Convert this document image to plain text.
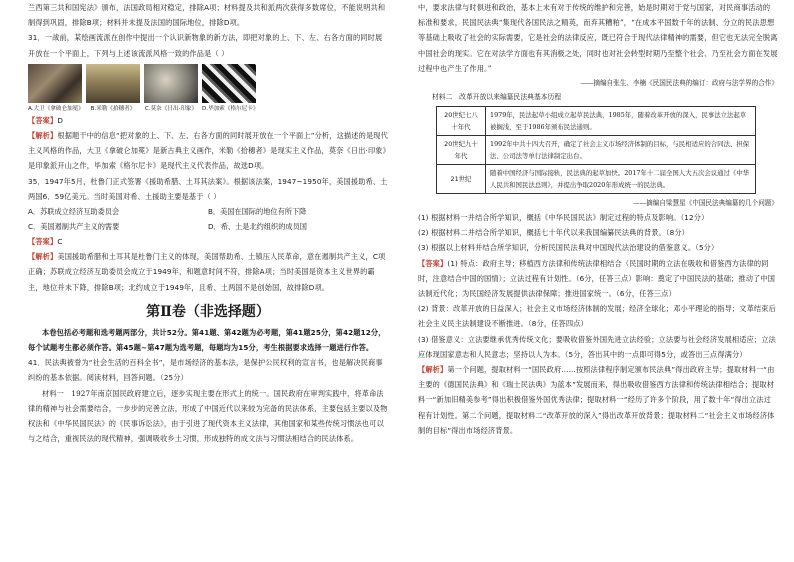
兰西第三共和国宪法》颁布，法国政局相对稳定，排除A项；材料提及共和派两次获得多数席位，不能说明共和制得到巩固，排除B项；材料并未提及法国的国际地位，排除D项。

31．一战前，某绘画流派在创作中提出一个认识新物象的新方法，即把对象的上、下、左、右各方面的同时展开放在一个平面上，下列与上述该流派风格一致的作品是（ ）

A.大卫《拿破仑加冕》	B.米勒《拾穗者》	C.莫奈《日出·印象》 D.毕加索《格尔尼卡》

【答案】D

【解析】根据题干中的信息“把对象的上、下、左、右各方面的同时展开放在一个平面上”分析，这描述的是现代主义风格的作品，大卫《拿破仑加冕》是新古典主义画作，米勒《拾穗者》是现实主义作品，莫奈《日出·印象》是印象派开山之作，毕加索《格尔尼卡》是现代主义代表作品，故选D项。

35．1947年5月，杜鲁门正式签署《援助希腊、土耳其法案》。根据该法案，1947~1950年，美国援助希、土两国6．59亿美元。当时美国对希、土援助主要是基于（ ）

A．苏联成立经济互助委员会	B．美国在国际的地位有所下降
C．美国遏制共产主义的需要	D．希、土是北约组织的成员国

【答案】C

【解析】美国援助希腊和土耳其是杜鲁门主义的体现，美国帮助希、土镇压人民革命，意在遏制共产主义，C项正确；苏联成立经济互助委员会成立于1949年，和题意时间不符，排除A项；当时美国是资本主义世界的霸主，地位并未下降，排除B项；北约成立于1949年，且希、土两国不是创始国，故排除D项。

第Ⅱ卷（非选择题）

本卷包括必考题和选考题两部分，共计52分。第41题、第42题为必考题，第41题25分，第42题12分，每个试题考生都必须作答。第45题~第47题为选考题，每题均为15分，考生根据要求选择一题进行作答。

41．民法典被誉为“社会生活的百科全书”，是市场经济的基本法，是保护公民权利的宣言书，也是解决民商事纠纷的基本依据。阅读材料，回答问题。（25分）

材料一　1927年南京国民政府建立后，逐步实现主要在形式上的统一。国民政府在审判实践中，将革命法律的精神与社会需要结合，一步步的完善立法，形成了中国近代以来较为完备的民法体系，主要包括主要以及物权法和《中华民国民法》的《民事诉讼法》，由于引进了现代资本主义法律，其他国家和某些传统习惯法也可以与之结合，重视民法的现代精神，强调吸收乡土习惯，形成独特的成文法与习惯法相结合的民法体系。

中，要求法律与时俱进和政治，基本上未有对于传统的维护和完善，始是时期对于党与国家，对民商事活动的

标准和要求，民国民法典“集现代各国民法之精英，而弃其糟粕”，“在成本平国数千年的法制、分立的民法思想等基础上吸收了社会的实际需要，它是社会的法律反应，既已符合于现代法律精神的需要，但它也无法完全脱离中国社会的现实。它在对法学方面也有其消极之处，同时也对社会转型时期乃至整个社会、乃至社会方面在发展过程中也产生了作用。”

——摘编自张生、李楠《民国民法典的编订：政府与法学界的合作》

材料二　改革开放以来编纂民法典基本历程

20世纪七八十年代	1979年，民法起草小组成立起草民法典，1985年，随着改革开放的深入，民事法立法起草被搁浅，至于1986年颁布民法通则。
20世纪九十年代	1992年中共十四大召开，确定了社会主义市场经济体制的目标，与民相适应的合同法、担保法、公司法等单行法律制定出台。
21世纪	随着中国经济与国际接轨，民法典的起草加快。2017年十二届全国人大五次会议通过《中华人民共和国民法总则》，并提出争取2020年形成统一的民法典。

——摘编自梁慧星《中国民法典编纂的几个问题》

(1) 根据材料一并结合所学知识，概括《中华民国民法》制定过程的特点及影响。（12分）

(2) 根据材料二并结合所学知识，概括七十年代以来我国编纂民法典的背景。（8分）

(3) 根据以上材料并结合所学知识，分析民国民法典对中国现代法治建设的借鉴意义。（5分）

【答案】(1) 特点：政府主导；移植西方法律和传统法律相结合（民国时期的立法在吸收和借鉴西方法律的同时，注意结合中国的国情）；立法过程有计划性。（6分，任答三点）影响：奠定了中国民法的基础；推动了中国法制近代化；为民国经济发展提供法律保障；推进国家统一。（6分，任答三点）

(2) 背景：改革开放的日益深入；社会主义市场经济体制的发展；经济全球化；邓小平理论的指导；文革结束后社会主义民主法制建设不断推进。（8分，任答四点）

(3) 借鉴意义：立法要继承优秀传统文化；要吸收借鉴外国先进立法经验；立法要与社会经济发展相适应；立法应体现国家意志和人民意志；坚持以人为本。（5分，答出其中的一点即可得5分，或答出三点得满分）

【解析】第一个问题，提取材料一“国民政府……按照法律程序制定颁布民法典”得出政府主导；提取材料一“由主要的《德国民法典》和《瑞士民法典》为蓝本”发展而来，得出吸收借鉴西方法律和传统法律相结合；提取材料一“新加旧精美参考”得出积极借鉴外国优秀法律；提取材料一“经历了许多个阶段，用了数十年”得出立法过程有计划性。第二个问题，提取材料二“改革开放的深入”得出改革开放背景；提取材料二“社会主义市场经济体制的目标”得出市场经济背景。
